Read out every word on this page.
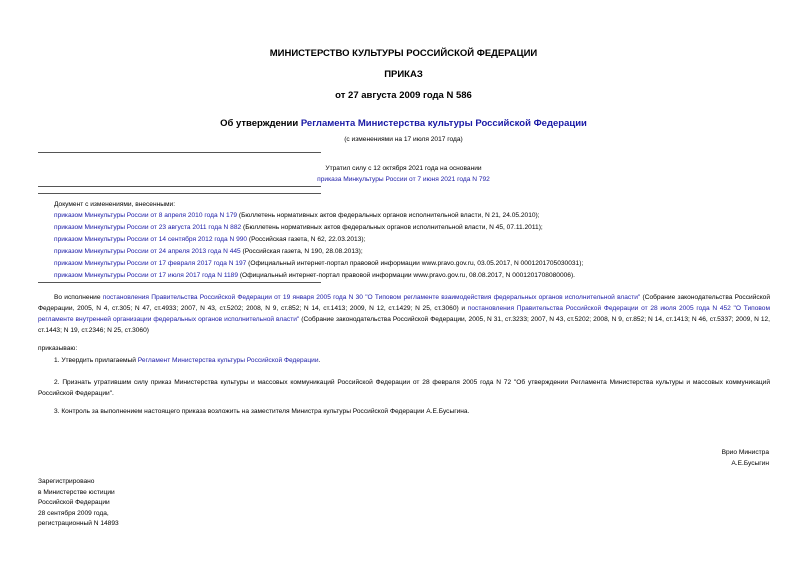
МИНИСТЕРСТВО КУЛЬТУРЫ РОССИЙСКОЙ ФЕДЕРАЦИИ
ПРИКАЗ
от 27 августа 2009 года N 586
Об утверждении Регламента Министерства культуры Российской Федерации
(с изменениями на 17 июля 2017 года)
Утратил силу с 12 октября 2021 года на основании
приказа Минкультуры России от 7 июня 2021 года N 792
Документ с изменениями, внесенными:
приказом Минкультуры России от 8 апреля 2010 года N 179 (Бюллетень нормативных актов федеральных органов исполнительной власти, N 21, 24.05.2010);
приказом Минкультуры России от 23 августа 2011 года N 882 (Бюллетень нормативных актов федеральных органов исполнительной власти, N 45, 07.11.2011);
приказом Минкультуры России от 14 сентября 2012 года N 990 (Российская газета, N 62, 22.03.2013);
приказом Минкультуры России от 24 апреля 2013 года N 445 (Российская газета, N 190, 28.08.2013);
приказом Минкультуры России от 17 февраля 2017 года N 197 (Официальный интернет-портал правовой информации www.pravo.gov.ru, 03.05.2017, N 0001201705030031);
приказом Минкультуры России от 17 июля 2017 года N 1189 (Официальный интернет-портал правовой информации www.pravo.gov.ru, 08.08.2017, N 0001201708080006).
Во исполнение постановления Правительства Российской Федерации от 19 января 2005 года N 30 "О Типовом регламенте взаимодействия федеральных органов исполнительной власти" (Собрание законодательства Российской Федерации, 2005, N 4, ст.305; N 47, ст.4933; 2007, N 43, ст.5202; 2008, N 9, ст.852; N 14, ст.1413; 2009, N 12, ст.1429; N 25, ст.3060) и постановления Правительства Российской Федерации от 28 июля 2005 года N 452 "О Типовом регламенте внутренней организации федеральных органов исполнительной власти" (Собрание законодательства Российской Федерации, 2005, N 31, ст.3233; 2007, N 43, ст.5202; 2008, N 9, ст.852; N 14, ст.1413; N 46, ст.5337; 2009, N 12, ст.1443; N 19, ст.2346; N 25, ст.3060)
приказываю:
1. Утвердить прилагаемый Регламент Министерства культуры Российской Федерации.
2. Признать утратившим силу приказ Министерства культуры и массовых коммуникаций Российской Федерации от 28 февраля 2005 года N 72 "Об утверждении Регламента Министерства культуры и массовых коммуникаций Российской Федерации".
3. Контроль за выполнением настоящего приказа возложить на заместителя Министра культуры Российской Федерации А.Е.Бусыгина.
Врио Министра
А.Е.Бусыгин
Зарегистрировано
в Министерстве юстиции
Российской Федерации
28 сентября 2009 года,
регистрационный N 14893
